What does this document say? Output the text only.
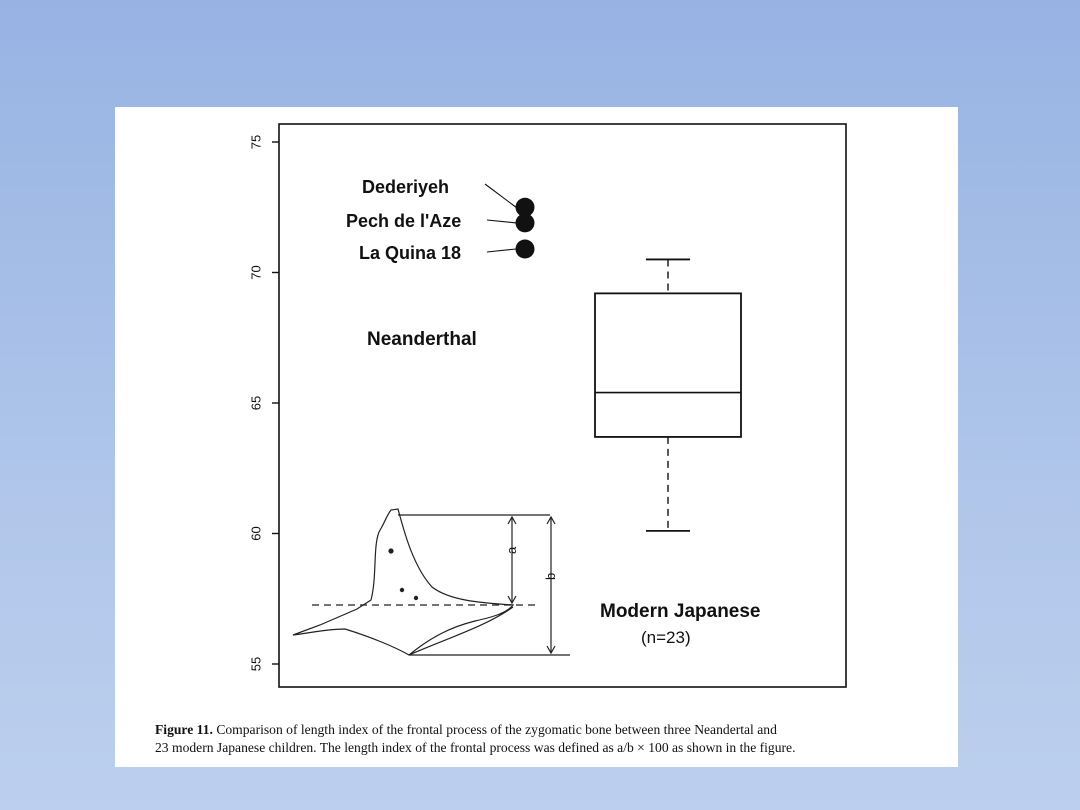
55
60
65
70
75
Dederiyeh
Pech de l'Aze
La Quina 18
Neanderthal
Modern Japanese
(n=23)
a
b
Figure 11. Comparison of length index of the frontal process of the zygomatic bone between three Neandertal and
23 modern Japanese children. The length index of the frontal process was defined as a/b × 100 as shown in the figure.
